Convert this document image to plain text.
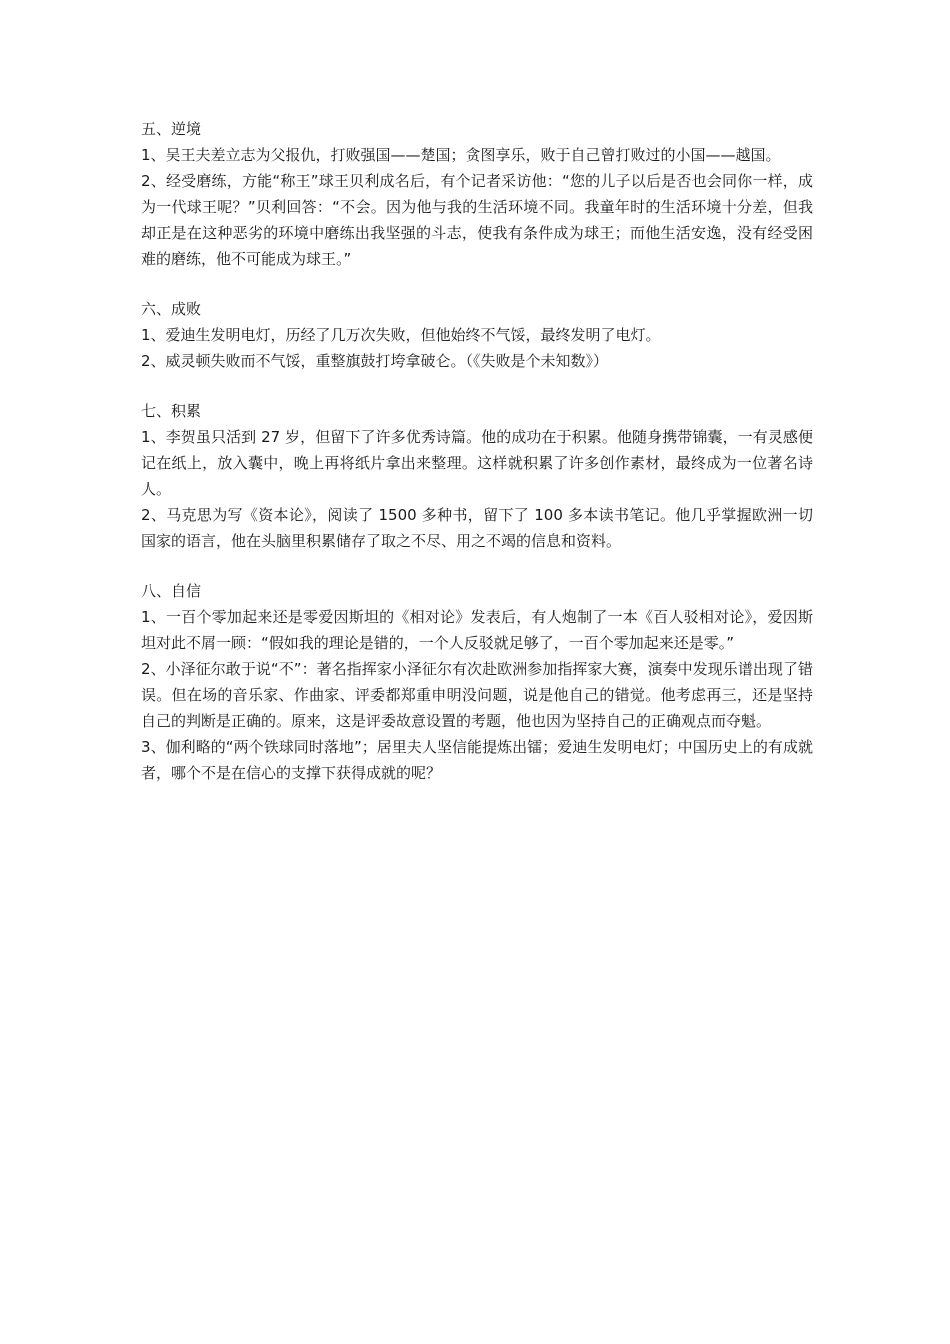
五、逆境

1、吴王夫差立志为父报仇，打败强国——楚国；贪图享乐，败于自己曾打败过的小国——越国。

2、经受磨练，方能“称王”球王贝利成名后，有个记者采访他：“您的儿子以后是否也会同你一样，成为一代球王呢？”贝利回答：“不会。因为他与我的生活环境不同。我童年时的生活环境十分差，但我却正是在这种恶劣的环境中磨练出我坚强的斗志，使我有条件成为球王；而他生活安逸，没有经受困难的磨练，他不可能成为球王。”

六、成败

1、爱迪生发明电灯，历经了几万次失败，但他始终不气馁，最终发明了电灯。

2、威灵顿失败而不气馁，重整旗鼓打垮拿破仑。（《失败是个未知数》）

七、积累

1、李贺虽只活到 27 岁，但留下了许多优秀诗篇。他的成功在于积累。他随身携带锦囊，一有灵感便记在纸上，放入囊中，晚上再将纸片拿出来整理。这样就积累了许多创作素材，最终成为一位著名诗人。

2、马克思为写《资本论》，阅读了 1500 多种书，留下了 100 多本读书笔记。他几乎掌握欧洲一切国家的语言，他在头脑里积累储存了取之不尽、用之不竭的信息和资料。

八、自信

1、一百个零加起来还是零爱因斯坦的《相对论》发表后，有人炮制了一本《百人驳相对论》，爱因斯坦对此不屑一顾：“假如我的理论是错的，一个人反驳就足够了，一百个零加起来还是零。”

2、小泽征尔敢于说“不”：著名指挥家小泽征尔有次赴欧洲参加指挥家大赛，演奏中发现乐谱出现了错误。但在场的音乐家、作曲家、评委都郑重申明没问题，说是他自己的错觉。他考虑再三，还是坚持自己的判断是正确的。原来，这是评委故意设置的考题，他也因为坚持自己的正确观点而夺魁。

3、伽利略的“两个铁球同时落地”；居里夫人坚信能提炼出镭；爱迪生发明电灯；中国历史上的有成就者，哪个不是在信心的支撑下获得成就的呢？
